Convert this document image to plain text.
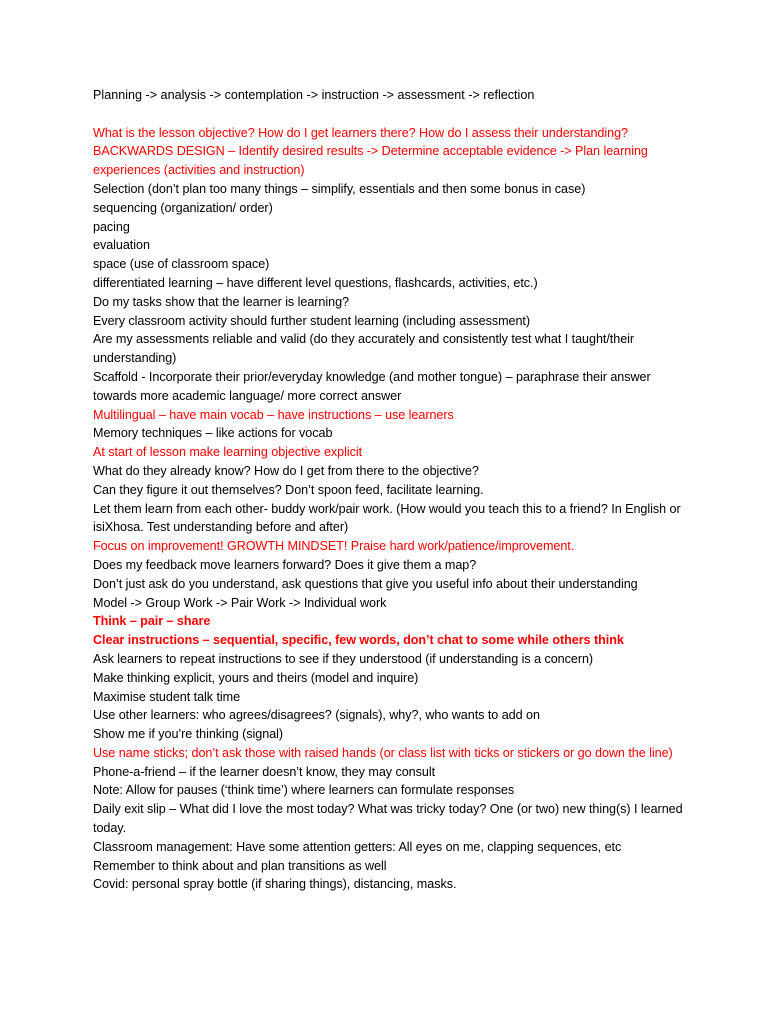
Planning -> analysis -> contemplation -> instruction -> assessment -> reflection
What is the lesson objective? How do I get learners there? How do I assess their understanding?
BACKWARDS DESIGN – Identify desired results -> Determine acceptable evidence -> Plan learning experiences (activities and instruction)
Selection (don’t plan too many things – simplify, essentials and then some bonus in case)
sequencing (organization/ order)
pacing
evaluation
space (use of classroom space)
differentiated learning – have different level questions, flashcards, activities, etc.)
Do my tasks show that the learner is learning?
Every classroom activity should further student learning (including assessment)
Are my assessments reliable and valid (do they accurately and consistently test what I taught/their understanding)
Scaffold - Incorporate their prior/everyday knowledge (and mother tongue) – paraphrase their answer towards more academic language/ more correct answer
Multilingual – have main vocab – have instructions – use learners
Memory techniques – like actions for vocab
At start of lesson make learning objective explicit
What do they already know? How do I get from there to the objective?
Can they figure it out themselves? Don’t spoon feed, facilitate learning.
Let them learn from each other- buddy work/pair work. (How would you teach this to a friend? In English or isiXhosa. Test understanding before and after)
Focus on improvement! GROWTH MINDSET! Praise hard work/patience/improvement.
Does my feedback move learners forward? Does it give them a map?
Don’t just ask do you understand, ask questions that give you useful info about their understanding
Model -> Group Work -> Pair Work -> Individual work
Think – pair – share
Clear instructions – sequential, specific, few words, don’t chat to some while others think
Ask learners to repeat instructions to see if they understood (if understanding is a concern)
Make thinking explicit, yours and theirs (model and inquire)
Maximise student talk time
Use other learners: who agrees/disagrees? (signals), why?, who wants to add on
Show me if you’re thinking (signal)
Use name sticks; don’t ask those with raised hands (or class list with ticks or stickers or go down the line)
Phone-a-friend – if the learner doesn’t know, they may consult
Note: Allow for pauses (‘think time’) where learners can formulate responses
Daily exit slip – What did I love the most today? What was tricky today? One (or two) new thing(s) I learned today.
Classroom management: Have some attention getters: All eyes on me, clapping sequences, etc
Remember to think about and plan transitions as well
Covid: personal spray bottle (if sharing things), distancing, masks.
